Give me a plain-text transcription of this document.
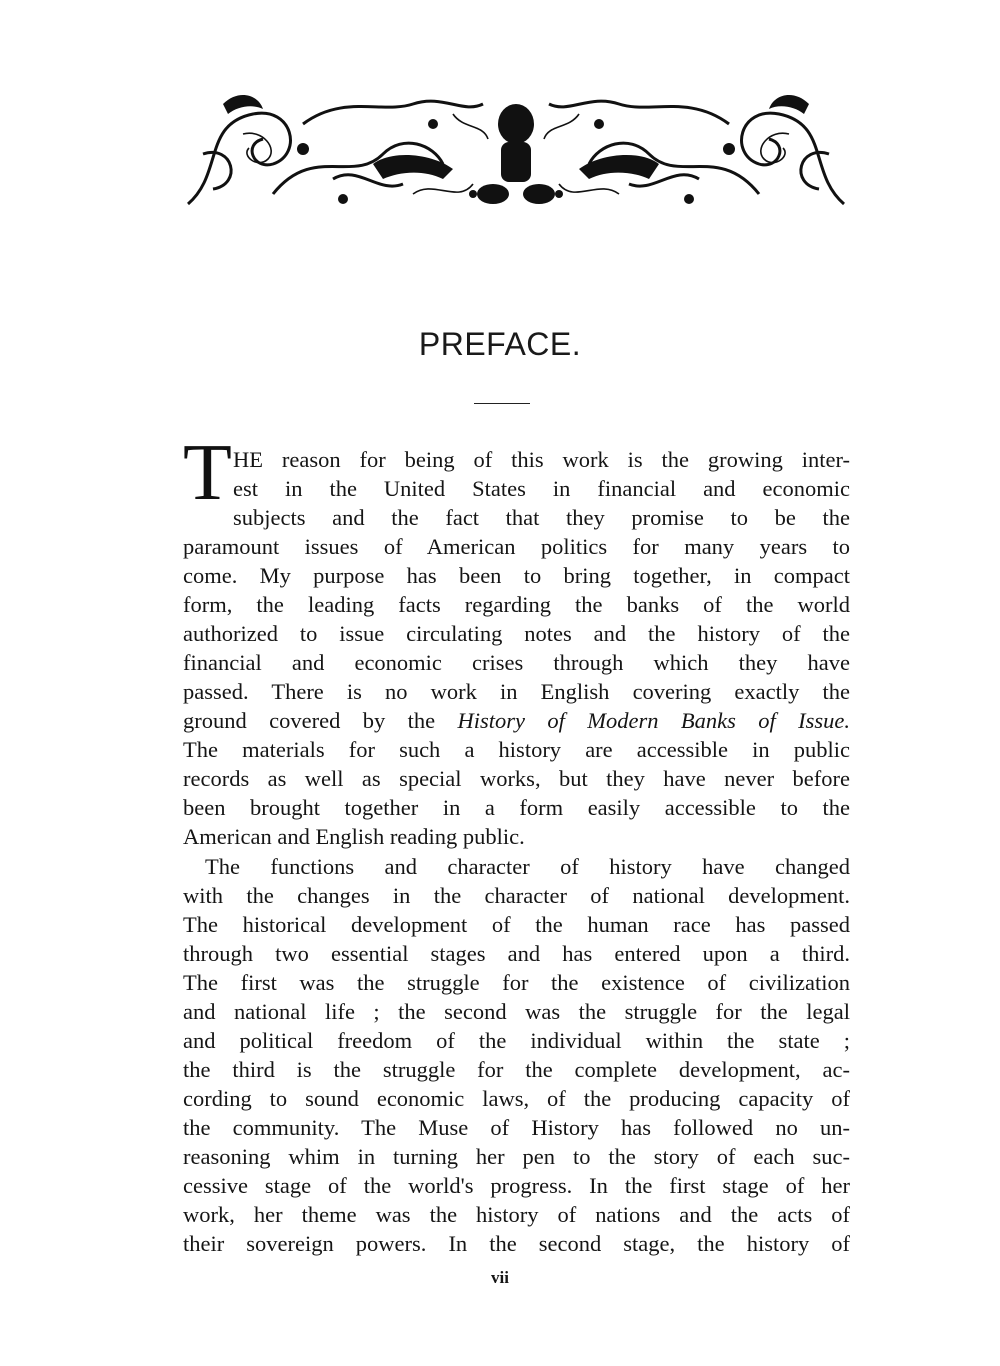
PREFACE.
T HE reason for being of this work is the growing inter-
est in the United States in financial and economic
subjects and the fact that they promise to be the
paramount issues of American politics for many years to
come. My purpose has been to bring together, in compact
form, the leading facts regarding the banks of the world
authorized to issue circulating notes and the history of the
financial and economic crises through which they have
passed. There is no work in English covering exactly the
ground covered by the History of Modern Banks of Issue.
The materials for such a history are accessible in public
records as well as special works, but they have never before
been brought together in a form easily accessible to the
American and English reading public.
The functions and character of history have changed
with the changes in the character of national development.
The historical development of the human race has passed
through two essential stages and has entered upon a third.
The first was the struggle for the existence of civilization
and national life ; the second was the struggle for the legal
and political freedom of the individual within the state ;
the third is the struggle for the complete development, ac-
cording to sound economic laws, of the producing capacity of
the community. The Muse of History has followed no un-
reasoning whim in turning her pen to the story of each suc-
cessive stage of the world's progress. In the first stage of her
work, her theme was the history of nations and the acts of
their sovereign powers. In the second stage, the history of
vii
